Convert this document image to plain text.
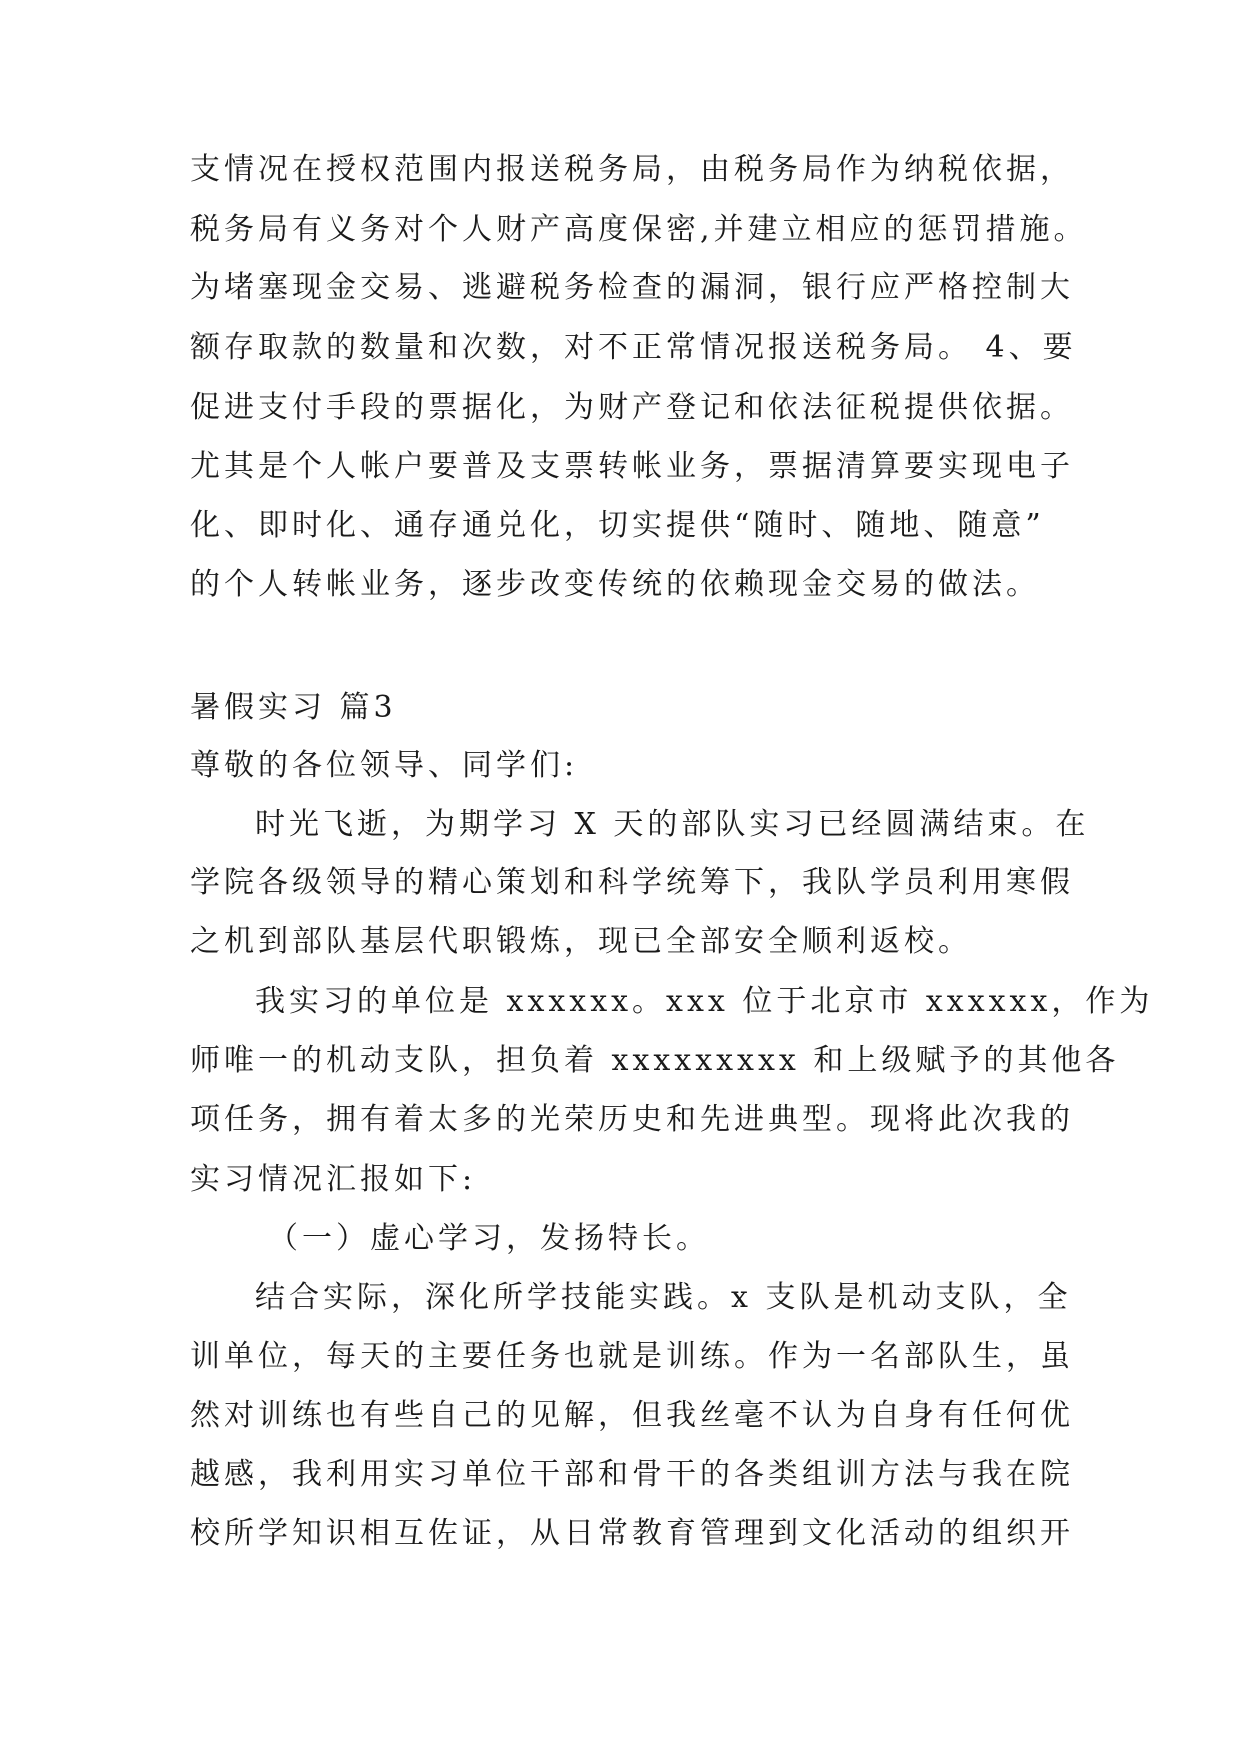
支情况在授权范围内报送税务局，由税务局作为纳税依据，
税务局有义务对个人财产高度保密,并建立相应的惩罚措施。
为堵塞现金交易、逃避税务检查的漏洞，银行应严格控制大
额存取款的数量和次数，对不正常情况报送税务局。 4、要
促进支付手段的票据化，为财产登记和依法征税提供依据。
尤其是个人帐户要普及支票转帐业务，票据清算要实现电子
化、即时化、通存通兑化，切实提供“随时、随地、随意”
的个人转帐业务，逐步改变传统的依赖现金交易的做法。
暑假实习 篇3
尊敬的各位领导、同学们:
时光飞逝，为期学习 X 天的部队实习已经圆满结束。在
学院各级领导的精心策划和科学统筹下，我队学员利用寒假
之机到部队基层代职锻炼，现已全部安全顺利返校。
我实习的单位是 xxxxxx。xxx 位于北京市 xxxxxx，作为
师唯一的机动支队，担负着 xxxxxxxxx 和上级赋予的其他各
项任务，拥有着太多的光荣历史和先进典型。现将此次我的
实习情况汇报如下:
（一）虚心学习，发扬特长。
结合实际，深化所学技能实践。x 支队是机动支队，全
训单位，每天的主要任务也就是训练。作为一名部队生，虽
然对训练也有些自己的见解，但我丝毫不认为自身有任何优
越感，我利用实习单位干部和骨干的各类组训方法与我在院
校所学知识相互佐证，从日常教育管理到文化活动的组织开
